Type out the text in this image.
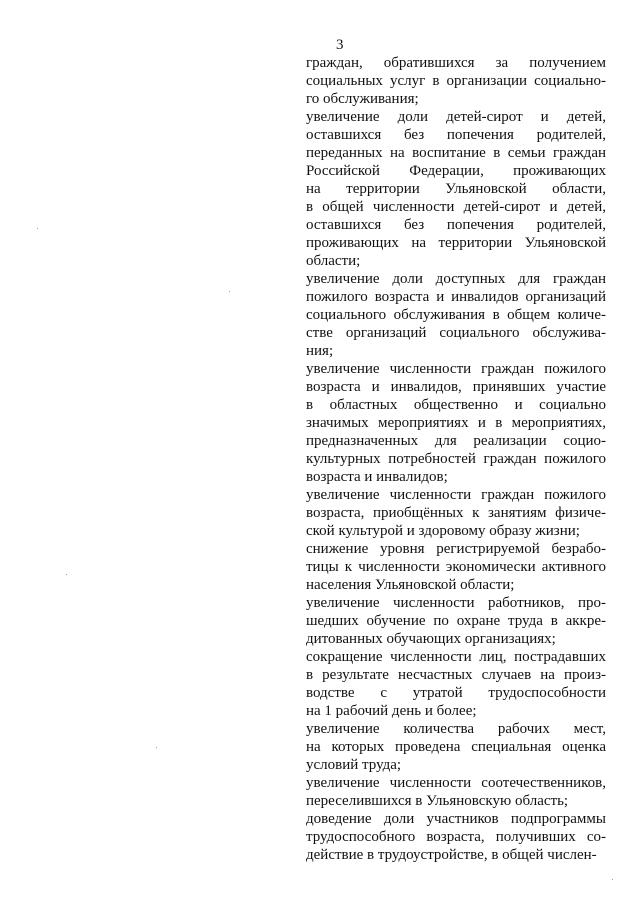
3
граждан, обратившихся за получением
социальных услуг в организации социально-
го обслуживания;
увеличение доли детей-сирот и детей,
оставшихся без попечения родителей,
переданных на воспитание в семьи граждан
Российской Федерации, проживающих
на территории Ульяновской области,
в общей численности детей-сирот и детей,
оставшихся без попечения родителей,
проживающих на территории Ульяновской
области;
увеличение доли доступных для граждан
пожилого возраста и инвалидов организаций
социального обслуживания в общем количе-
стве организаций социального обслужива-
ния;
увеличение численности граждан пожилого
возраста и инвалидов, принявших участие
в областных общественно и социально
значимых мероприятиях и в мероприятиях,
предназначенных для реализации социо-
культурных потребностей граждан пожилого
возраста и инвалидов;
увеличение численности граждан пожилого
возраста, приобщённых к занятиям физиче-
ской культурой и здоровому образу жизни;
снижение уровня регистрируемой безрабо-
тицы к численности экономически активного
населения Ульяновской области;
увеличение численности работников, про-
шедших обучение по охране труда в аккре-
дитованных обучающих организациях;
сокращение численности лиц, пострадавших
в результате несчастных случаев на произ-
водстве с утратой трудоспособности
на 1 рабочий день и более;
увеличение количества рабочих мест,
на которых проведена специальная оценка
условий труда;
увеличение численности соотечественников,
переселившихся в Ульяновскую область;
доведение доли участников подпрограммы
трудоспособного возраста, получивших со-
действие в трудоустройстве, в общей числен-
